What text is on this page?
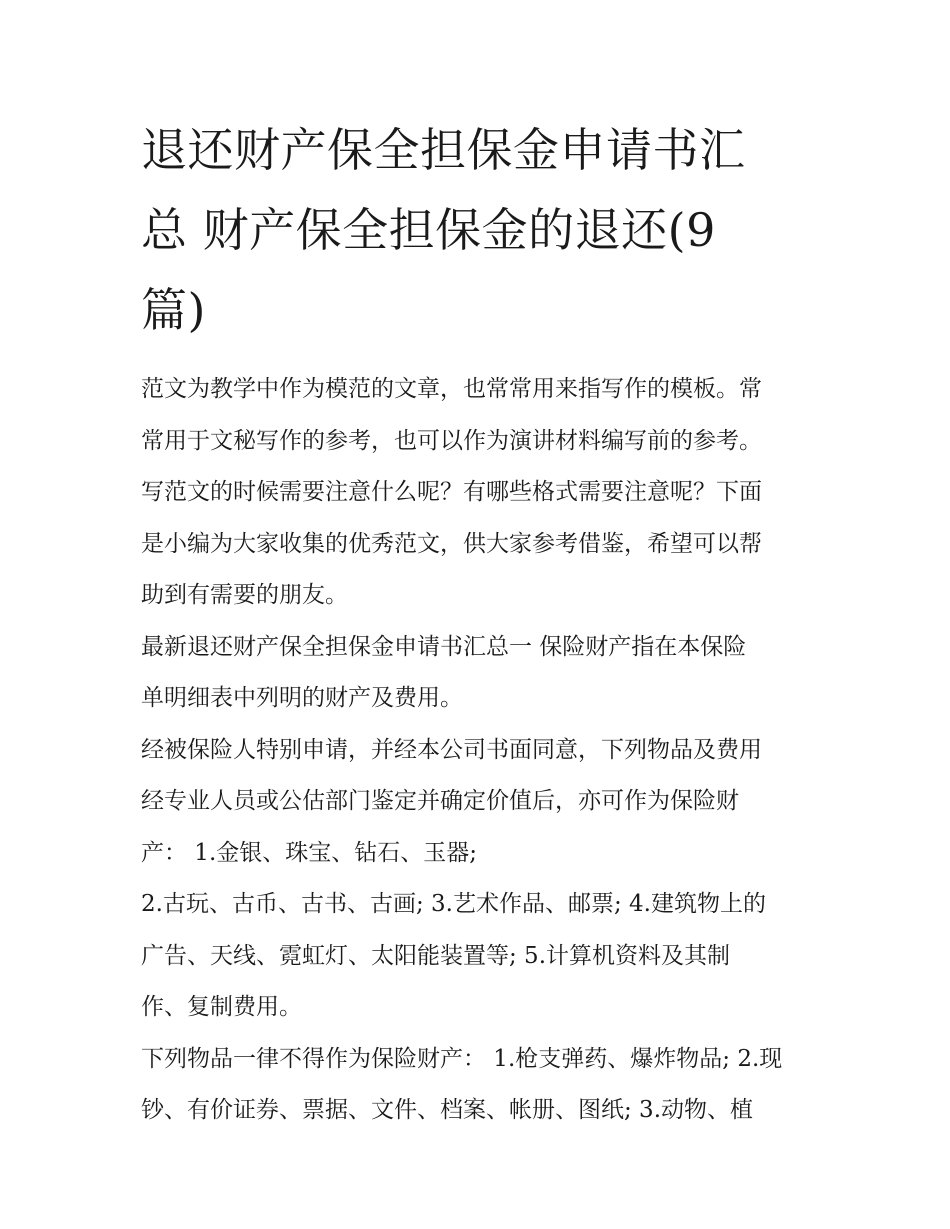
退还财产保全担保金申请书汇
总 财产保全担保金的退还(9
篇)
范文为教学中作为模范的文章，也常常用来指写作的模板。常
常用于文秘写作的参考，也可以作为演讲材料编写前的参考。
写范文的时候需要注意什么呢？有哪些格式需要注意呢？下面
是小编为大家收集的优秀范文，供大家参考借鉴，希望可以帮
助到有需要的朋友。
最新退还财产保全担保金申请书汇总一 保险财产指在本保险
单明细表中列明的财产及费用。
经被保险人特别申请，并经本公司书面同意，下列物品及费用
经专业人员或公估部门鉴定并确定价值后，亦可作为保险财
产： 1.金银、珠宝、钻石、玉器;
2.古玩、古币、古书、古画; 3.艺术作品、邮票; 4.建筑物上的
广告、天线、霓虹灯、太阳能装置等; 5.计算机资料及其制
作、复制费用。
下列物品一律不得作为保险财产： 1.枪支弹药、爆炸物品; 2.现
钞、有价证券、票据、文件、档案、帐册、图纸; 3.动物、植
